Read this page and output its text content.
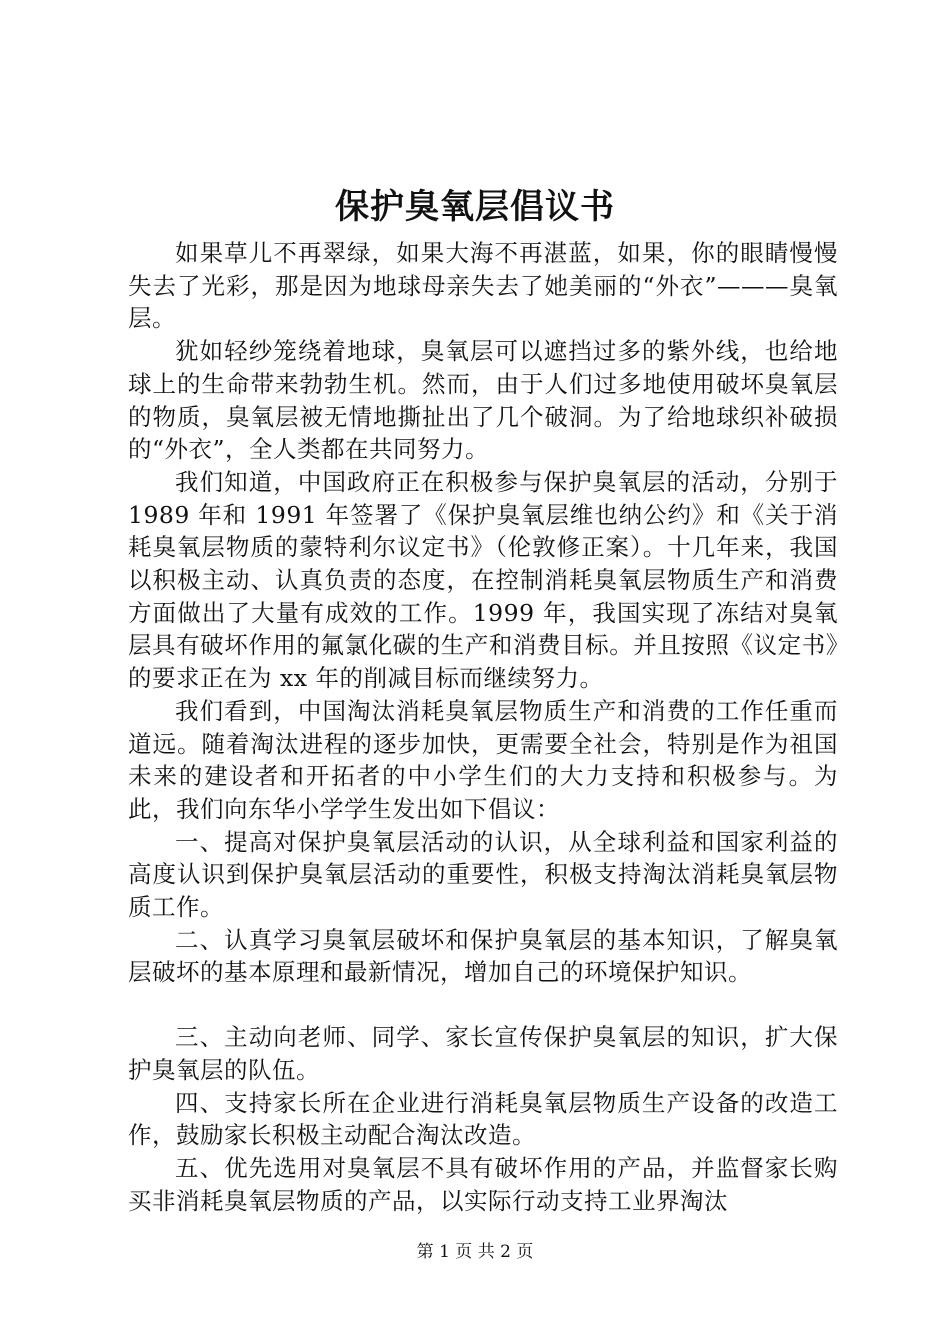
保护臭氧层倡议书

如果草儿不再翠绿，如果大海不再湛蓝，如果，你的眼睛慢慢失去了光彩，那是因为地球母亲失去了她美丽的“外衣”———臭氧层。

犹如轻纱笼绕着地球，臭氧层可以遮挡过多的紫外线，也给地球上的生命带来勃勃生机。然而，由于人们过多地使用破坏臭氧层的物质，臭氧层被无情地撕扯出了几个破洞。为了给地球织补破损的“外衣”，全人类都在共同努力。

我们知道，中国政府正在积极参与保护臭氧层的活动，分别于 1989 年和 1991 年签署了《保护臭氧层维也纳公约》和《关于消耗臭氧层物质的蒙特利尔议定书》（伦敦修正案）。十几年来，我国以积极主动、认真负责的态度，在控制消耗臭氧层物质生产和消费方面做出了大量有成效的工作。1999 年，我国实现了冻结对臭氧层具有破坏作用的氟氯化碳的生产和消费目标。并且按照《议定书》的要求正在为 xx 年的削减目标而继续努力。

我们看到，中国淘汰消耗臭氧层物质生产和消费的工作任重而道远。随着淘汰进程的逐步加快，更需要全社会，特别是作为祖国未来的建设者和开拓者的中小学生们的大力支持和积极参与。为此，我们向东华小学学生发出如下倡议：

一、提高对保护臭氧层活动的认识，从全球利益和国家利益的高度认识到保护臭氧层活动的重要性，积极支持淘汰消耗臭氧层物质工作。

二、认真学习臭氧层破坏和保护臭氧层的基本知识，了解臭氧层破坏的基本原理和最新情况，增加自己的环境保护知识。

三、主动向老师、同学、家长宣传保护臭氧层的知识，扩大保护臭氧层的队伍。

四、支持家长所在企业进行消耗臭氧层物质生产设备的改造工作，鼓励家长积极主动配合淘汰改造。

五、优先选用对臭氧层不具有破坏作用的产品，并监督家长购买非消耗臭氧层物质的产品，以实际行动支持工业界淘汰

第 1 页 共 2 页
